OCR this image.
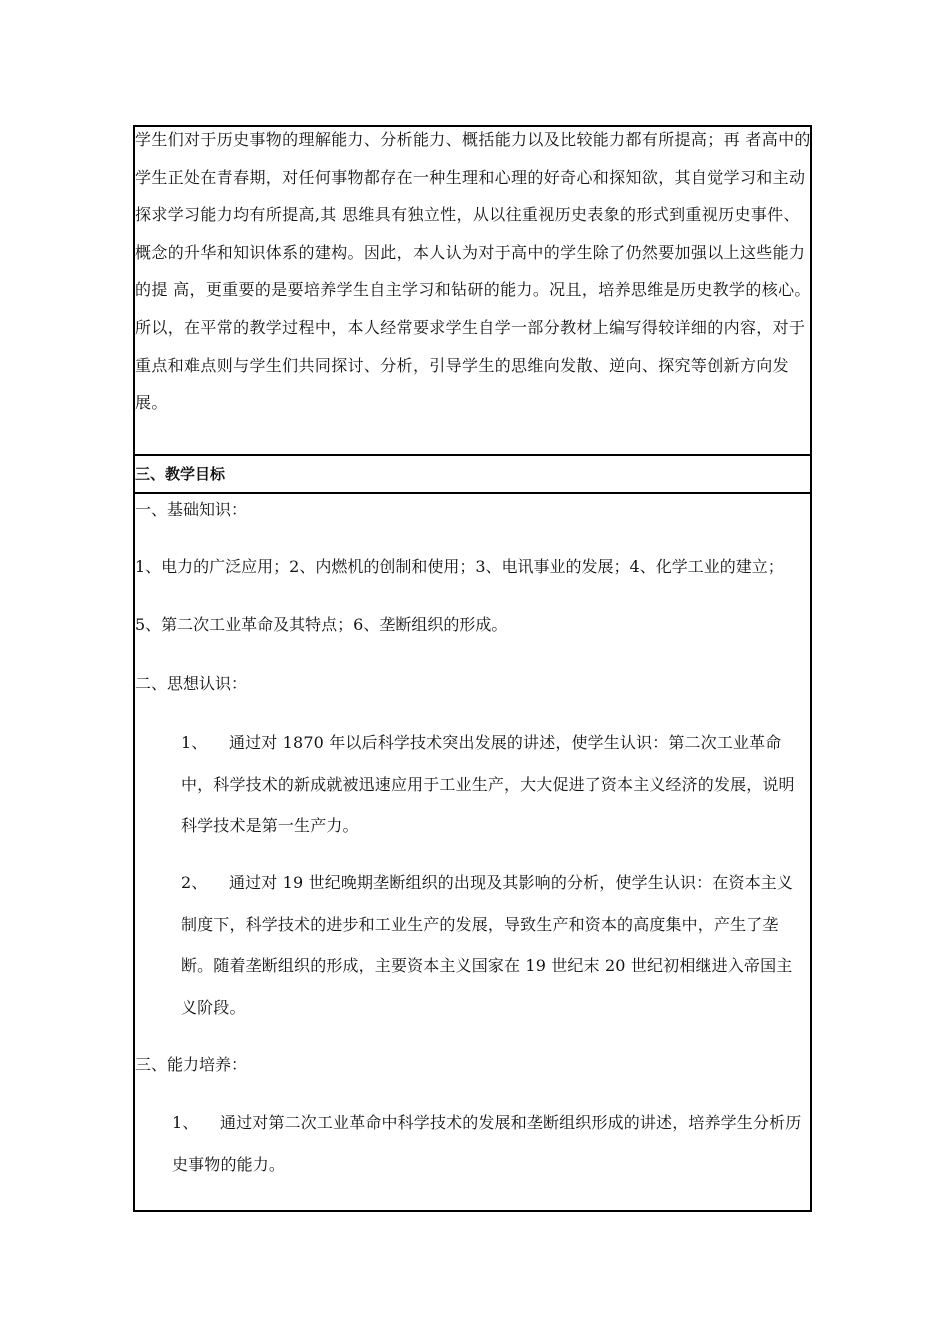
学生们对于历史事物的理解能力、分析能力、概括能力以及比较能力都有所提高；再 者高中的学生正处在青春期，对任何事物都存在一种生理和心理的好奇心和探知欲，其自觉学习和主动探求学习能力均有所提高,其 思维具有独立性，从以往重视历史表象的形式到重视历史事件、概念的升华和知识体系的建构。因此，本人认为对于高中的学生除了仍然要加强以上这些能力的提 高，更重要的是要培养学生自主学习和钻研的能力。况且，培养思维是历史教学的核心。所以，在平常的教学过程中，本人经常要求学生自学一部分教材上编写得较详细的内容，对于重点和难点则与学生们共同探讨、分析，引导学生的思维向发散、逆向、探究等创新方向发展。

三、教学目标
一、基础知识：
1、电力的广泛应用；2、内燃机的创制和使用；3、电讯事业的发展；4、化学工业的建立；
5、第二次工业革命及其特点；6、垄断组织的形成。
二、思想认识：
1、 通过对 1870 年以后科学技术突出发展的讲述，使学生认识：第二次工业革命中，科学技术的新成就被迅速应用于工业生产，大大促进了资本主义经济的发展，说明科学技术是第一生产力。
2、 通过对 19 世纪晚期垄断组织的出现及其影响的分析，使学生认识：在资本主义制度下，科学技术的进步和工业生产的发展，导致生产和资本的高度集中，产生了垄断。随着垄断组织的形成，主要资本主义国家在 19 世纪末 20 世纪初相继进入帝国主义阶段。
三、能力培养：
1、 通过对第二次工业革命中科学技术的发展和垄断组织形成的讲述，培养学生分析历史事物的能力。
